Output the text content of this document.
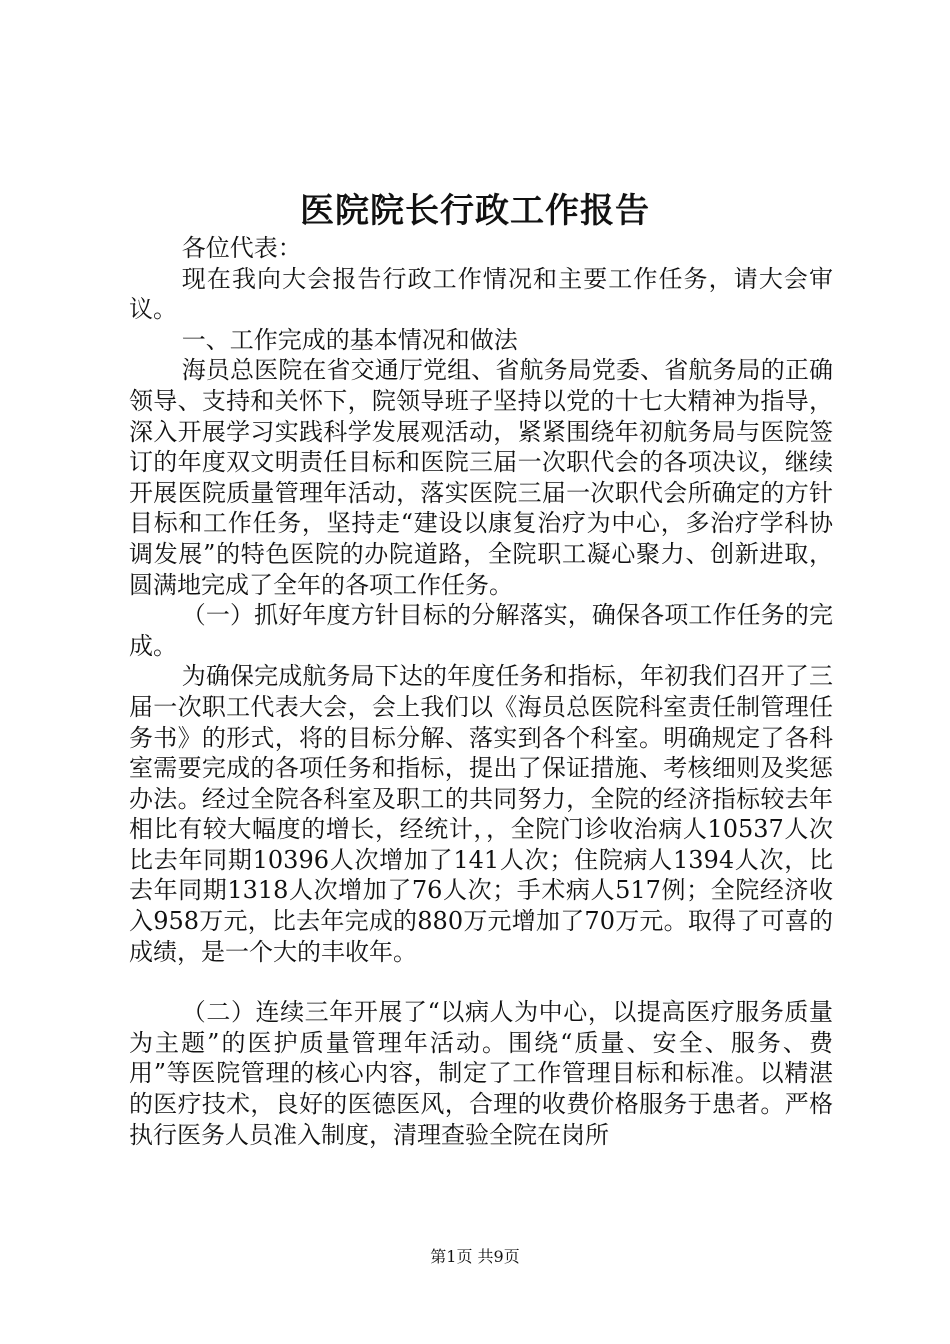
医院院长行政工作报告

各位代表：

现在我向大会报告行政工作情况和主要工作任务，请大会审议。

一、工作完成的基本情况和做法

海员总医院在省交通厅党组、省航务局党委、省航务局的正确领导、支持和关怀下，院领导班子坚持以党的十七大精神为指导，深入开展学习实践科学发展观活动，紧紧围绕年初航务局与医院签订的年度双文明责任目标和医院三届一次职代会的各项决议，继续开展医院质量管理年活动，落实医院三届一次职代会所确定的方针目标和工作任务，坚持走“建设以康复治疗为中心，多治疗学科协调发展”的特色医院的办院道路，全院职工凝心聚力、创新进取，圆满地完成了全年的各项工作任务。

（一）抓好年度方针目标的分解落实，确保各项工作任务的完成。

为确保完成航务局下达的年度任务和指标，年初我们召开了三届一次职工代表大会，会上我们以《海员总医院科室责任制管理任务书》的形式，将的目标分解、落实到各个科室。明确规定了各科室需要完成的各项任务和指标，提出了保证措施、考核细则及奖惩办法。经过全院各科室及职工的共同努力，全院的经济指标较去年相比有较大幅度的增长，经统计，，全院门诊收治病人10537人次比去年同期10396人次增加了141人次；住院病人1394人次，比去年同期1318人次增加了76人次；手术病人517例；全院经济收入958万元，比去年完成的880万元增加了70万元。取得了可喜的成绩，是一个大的丰收年。

（二）连续三年开展了“以病人为中心，以提高医疗服务质量为主题”的医护质量管理年活动。围绕“质量、安全、服务、费用”等医院管理的核心内容，制定了工作管理目标和标准。以精湛的医疗技术，良好的医德医风，合理的收费价格服务于患者。严格执行医务人员准入制度，清理查验全院在岗所

第1页 共9页
